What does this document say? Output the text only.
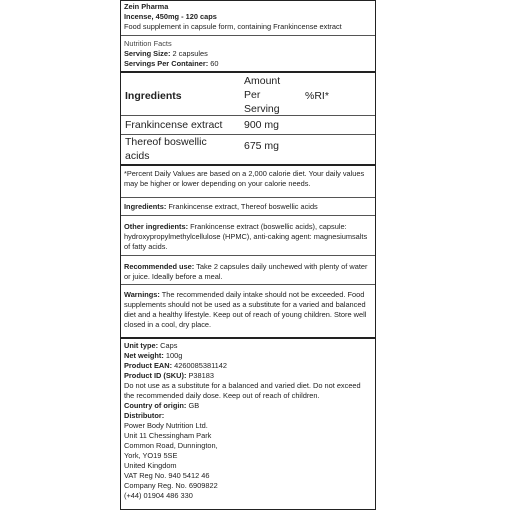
Zein Pharma

Incense, 450mg - 120 caps

Food supplement in capsule form, containing Frankincense extract

Nutrition Facts

Serving Size: 2 capsules

Servings Per Container: 60

Ingredients

Amount

Per

Serving

%RI*
Frankincense extract 900 mg

Thereof boswellic

acids

675 mg
*Percent Daily Values are based on a 2,000 calorie diet. Your daily values may be higher or lower depending on your calorie needs.
Ingredients: Frankincense extract, Thereof boswellic acids
Other ingredients: Frankincense extract (boswellic acids), capsule: hydroxypropylmethylcellulose (HPMC), anti-caking agent: magnesiumsalts of fatty acids.
Recommended use: Take 2 capsules daily unchewed with plenty of water or juice. Ideally before a meal.
Warnings: The recommended daily intake should not be exceeded. Food supplements should not be used as a substitute for a varied and balanced diet and a healthy lifestyle. Keep out of reach of young children. Store well closed in a cool, dry place.

Unit type: Caps

Net weight: 100g

Product EAN: 4260085381142

Product ID (SKU): P38183

Do not use as a substitute for a balanced and varied diet. Do not exceed the recommended daily dose. Keep out of reach of children.

Country of origin: GB

Distributor:

Power Body Nutrition Ltd.

Unit 11 Chessingham Park

Common Road, Dunnington,

York, YO19 5SE

United Kingdom

VAT Reg No. 940 5412 46

Company Reg. No. 6909822

(+44) 01904 486 330
